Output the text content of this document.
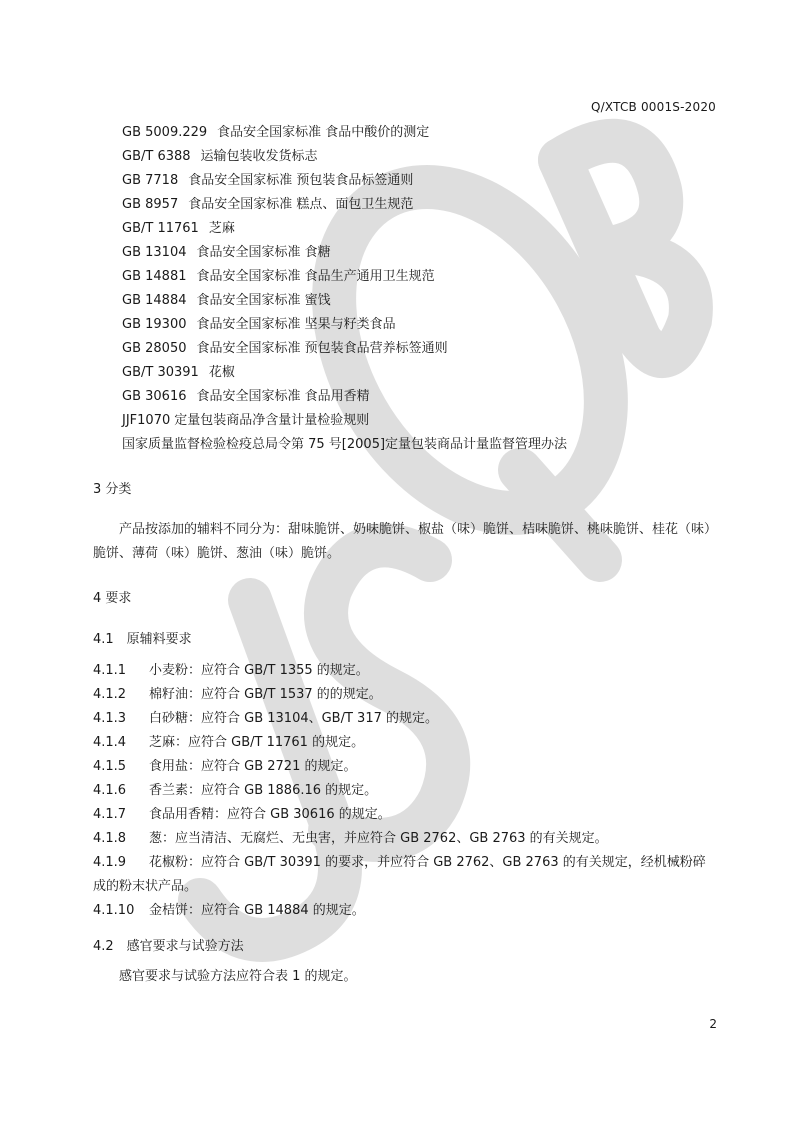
Q/XTCB 0001S-2020
GB 5009.229 食品安全国家标准 食品中酸价的测定
GB/T 6388 运输包装收发货标志
GB 7718 食品安全国家标准 预包装食品标签通则
GB 8957 食品安全国家标准 糕点、面包卫生规范
GB/T 11761 芝麻
GB 13104 食品安全国家标准 食糖
GB 14881 食品安全国家标准 食品生产通用卫生规范
GB 14884 食品安全国家标准 蜜饯
GB 19300 食品安全国家标准 坚果与籽类食品
GB 28050 食品安全国家标准 预包装食品营养标签通则
GB/T 30391 花椒
GB 30616 食品安全国家标准 食品用香精
JJF1070 定量包装商品净含量计量检验规则
国家质量监督检验检疫总局令第 75 号[2005]定量包装商品计量监督管理办法
3 分类
产品按添加的辅料不同分为：甜味脆饼、奶味脆饼、椒盐（味）脆饼、桔味脆饼、桃味脆饼、桂花（味）脆饼、薄荷（味）脆饼、葱油（味）脆饼。
4 要求
4.1　原辅料要求
4.1.1 小麦粉：应符合 GB/T 1355 的规定。
4.1.2 棉籽油：应符合 GB/T 1537 的的规定。
4.1.3 白砂糖：应符合 GB 13104、GB/T 317 的规定。
4.1.4 芝麻：应符合 GB/T 11761 的规定。
4.1.5 食用盐：应符合 GB 2721 的规定。
4.1.6 香兰素：应符合 GB 1886.16 的规定。
4.1.7 食品用香精：应符合 GB 30616 的规定。
4.1.8 葱：应当清洁、无腐烂、无虫害，并应符合 GB 2762、GB 2763 的有关规定。
4.1.9 花椒粉：应符合 GB/T 30391 的要求，并应符合 GB 2762、GB 2763 的有关规定，经机械粉碎成的粉末状产品。
4.1.10 金桔饼：应符合 GB 14884 的规定。
4.2　感官要求与试验方法
感官要求与试验方法应符合表 1 的规定。
2
